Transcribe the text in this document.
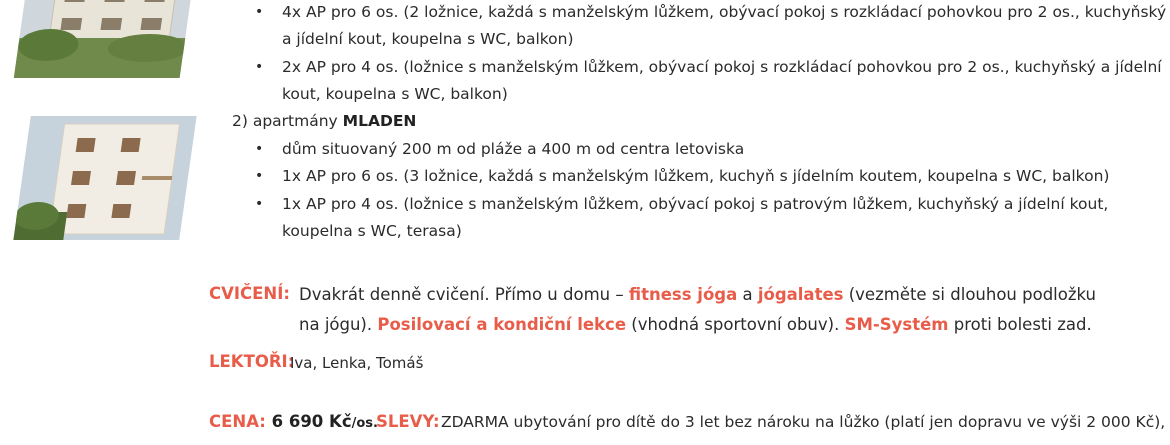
• 4x AP pro 6 os. (2 ložnice, každá s manželským lůžkem, obývací pokoj s rozkládací pohovkou pro 2 os., kuchyňský
a jídelní kout, koupelna s WC, balkon)
• 2x AP pro 4 os. (ložnice s manželským lůžkem, obývací pokoj s rozkládací pohovkou pro 2 os., kuchyňský a jídelní
kout, koupelna s WC, balkon)
2) apartmány MLADEN
• dům situovaný 200 m od pláže a 400 m od centra letoviska
• 1x AP pro 6 os. (3 ložnice, každá s manželským lůžkem, kuchyň s jídelním koutem, koupelna s WC, balkon)
• 1x AP pro 4 os. (ložnice s manželským lůžkem, obývací pokoj s patrovým lůžkem, kuchyňský a jídelní kout,
koupelna s WC, terasa)
CVIČENÍ: Dvakrát denně cvičení. Přímo u domu – fitness jóga a jógalates (vezměte si dlouhou podložku
na jógu). Posilovací a kondiční lekce (vhodná sportovní obuv). SM-Systém proti bolesti zad.
LEKTOŘI:
Iva, Lenka, Tomáš
CENA: 6 690 Kč/os.
SLEVY: ZDARMA ubytování pro dítě do 3 let bez nároku na lůžko (platí jen dopravu ve výši 2 000 Kč),
